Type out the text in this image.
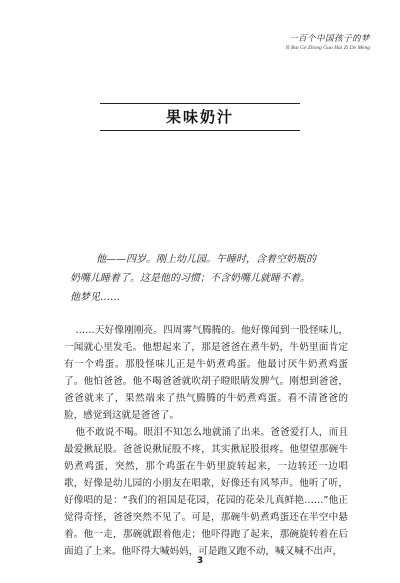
一百个中国孩子的梦
Yi Bai Ge Zhong Guo Hai Zi De Meng
果味奶汁

他——四岁。刚上幼儿园。午睡时，含着空奶瓶的

奶嘴儿睡着了。这是他的习惯；不含奶嘴儿就睡不着。

他梦见……

……天好像刚刚亮。四周雾气腾腾的。他好像闻到一股怪味儿，一闻就心里发毛。他想起来了，那是爸爸在煮牛奶，牛奶里面肯定有一个鸡蛋。那股怪味儿正是牛奶煮鸡蛋。他最讨厌牛奶煮鸡蛋了。他怕爸爸。他不喝爸爸就吹胡子瞪眼睛发脾气。刚想到爸爸，爸爸就来了，果然端来了热气腾腾的牛奶煮鸡蛋。看不清爸爸的脸，感觉到这就是爸爸了。

他不敢说不喝。眼泪不知怎么地就涌了出来。爸爸爱打人，而且最爱揪屁股。爸爸说揪屁股不疼，其实揪屁股很疼。他望望那碗牛奶煮鸡蛋，突然，那个鸡蛋在牛奶里旋转起来，一边转还一边唱歌，好像是幼儿园的小朋友在唱歌，好像还有风琴声。他听了听，好像唱的是：“我们的祖国是花园，花园的花朵儿真鲜艳……”他正觉得奇怪，爸爸突然不见了。可是，那碗牛奶煮鸡蛋还在半空中悬着。他一走，那碗就跟着他走；他吓得跑了起来，那碗旋转着在后面追了上来。他吓得大喊妈妈，可是跑又跑不动，喊又喊不出声，

3
